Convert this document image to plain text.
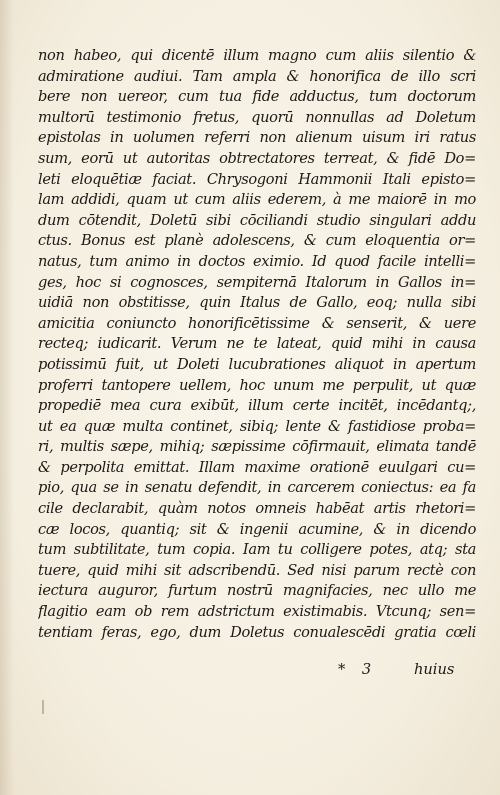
non habeo, qui dicentē illum magno cum aliis silentio &
admiratione audiui. Tam ampla & honorifica de illo scri
bere non uereor, cum tua fide adductus, tum doctorum
multorū testimonio fretus, quorū nonnullas ad Doletum
epistolas in uolumen referri non alienum uisum iri ratus
sum, eorū ut autoritas obtrectatores terreat, & fidē Do=
leti eloquētiæ faciat. Chrysogoni Hammonii Itali episto=
lam addidi, quam ut cum aliis ederem, à me maiorē in mo
dum cōtendit, Doletū sibi cōciliandi studio singulari addu
ctus. Bonus est planè adolescens, & cum eloquentia or=
natus, tum animo in doctos eximio. Id quod facile intelli=
ges, hoc si cognosces, sempiternā Italorum in Gallos in=
uidiā non obstitisse, quin Italus de Gallo, eoq; nulla sibi
amicitia coniuncto honorificētissime & senserit, & uere
recteq; iudicarit. Verum ne te lateat, quid mihi in causa
potissimū fuit, ut Doleti lucubrationes aliquot in apertum
proferri tantopere uellem, hoc unum me perpulit, ut quæ
propediē mea cura exibūt, illum certe incitēt, incēdantq;,
ut ea quæ multa continet, sibiq; lente & fastidiose proba=
ri, multis sæpe, mihiq; sæpissime cōfirmauit, elimata tandē
& perpolita emittat. Illam maxime orationē euulgari cu=
pio, qua se in senatu defendit, in carcerem coniectus: ea fa
cile declarabit, quàm notos omneis habēat artis rhetori=
cæ locos, quantiq; sit & ingenii acumine, & in dicendo
tum subtilitate, tum copia. Iam tu colligere potes, atq; sta
tuere, quid mihi sit adscribendū. Sed nisi parum rectè con
iectura auguror, furtum nostrū magnifacies, nec ullo me
flagitio eam ob rem adstrictum existimabis. Vtcunq; sen=
tentiam feras, ego, dum Doletus conualescēdi gratia cœli
* 3	huius
